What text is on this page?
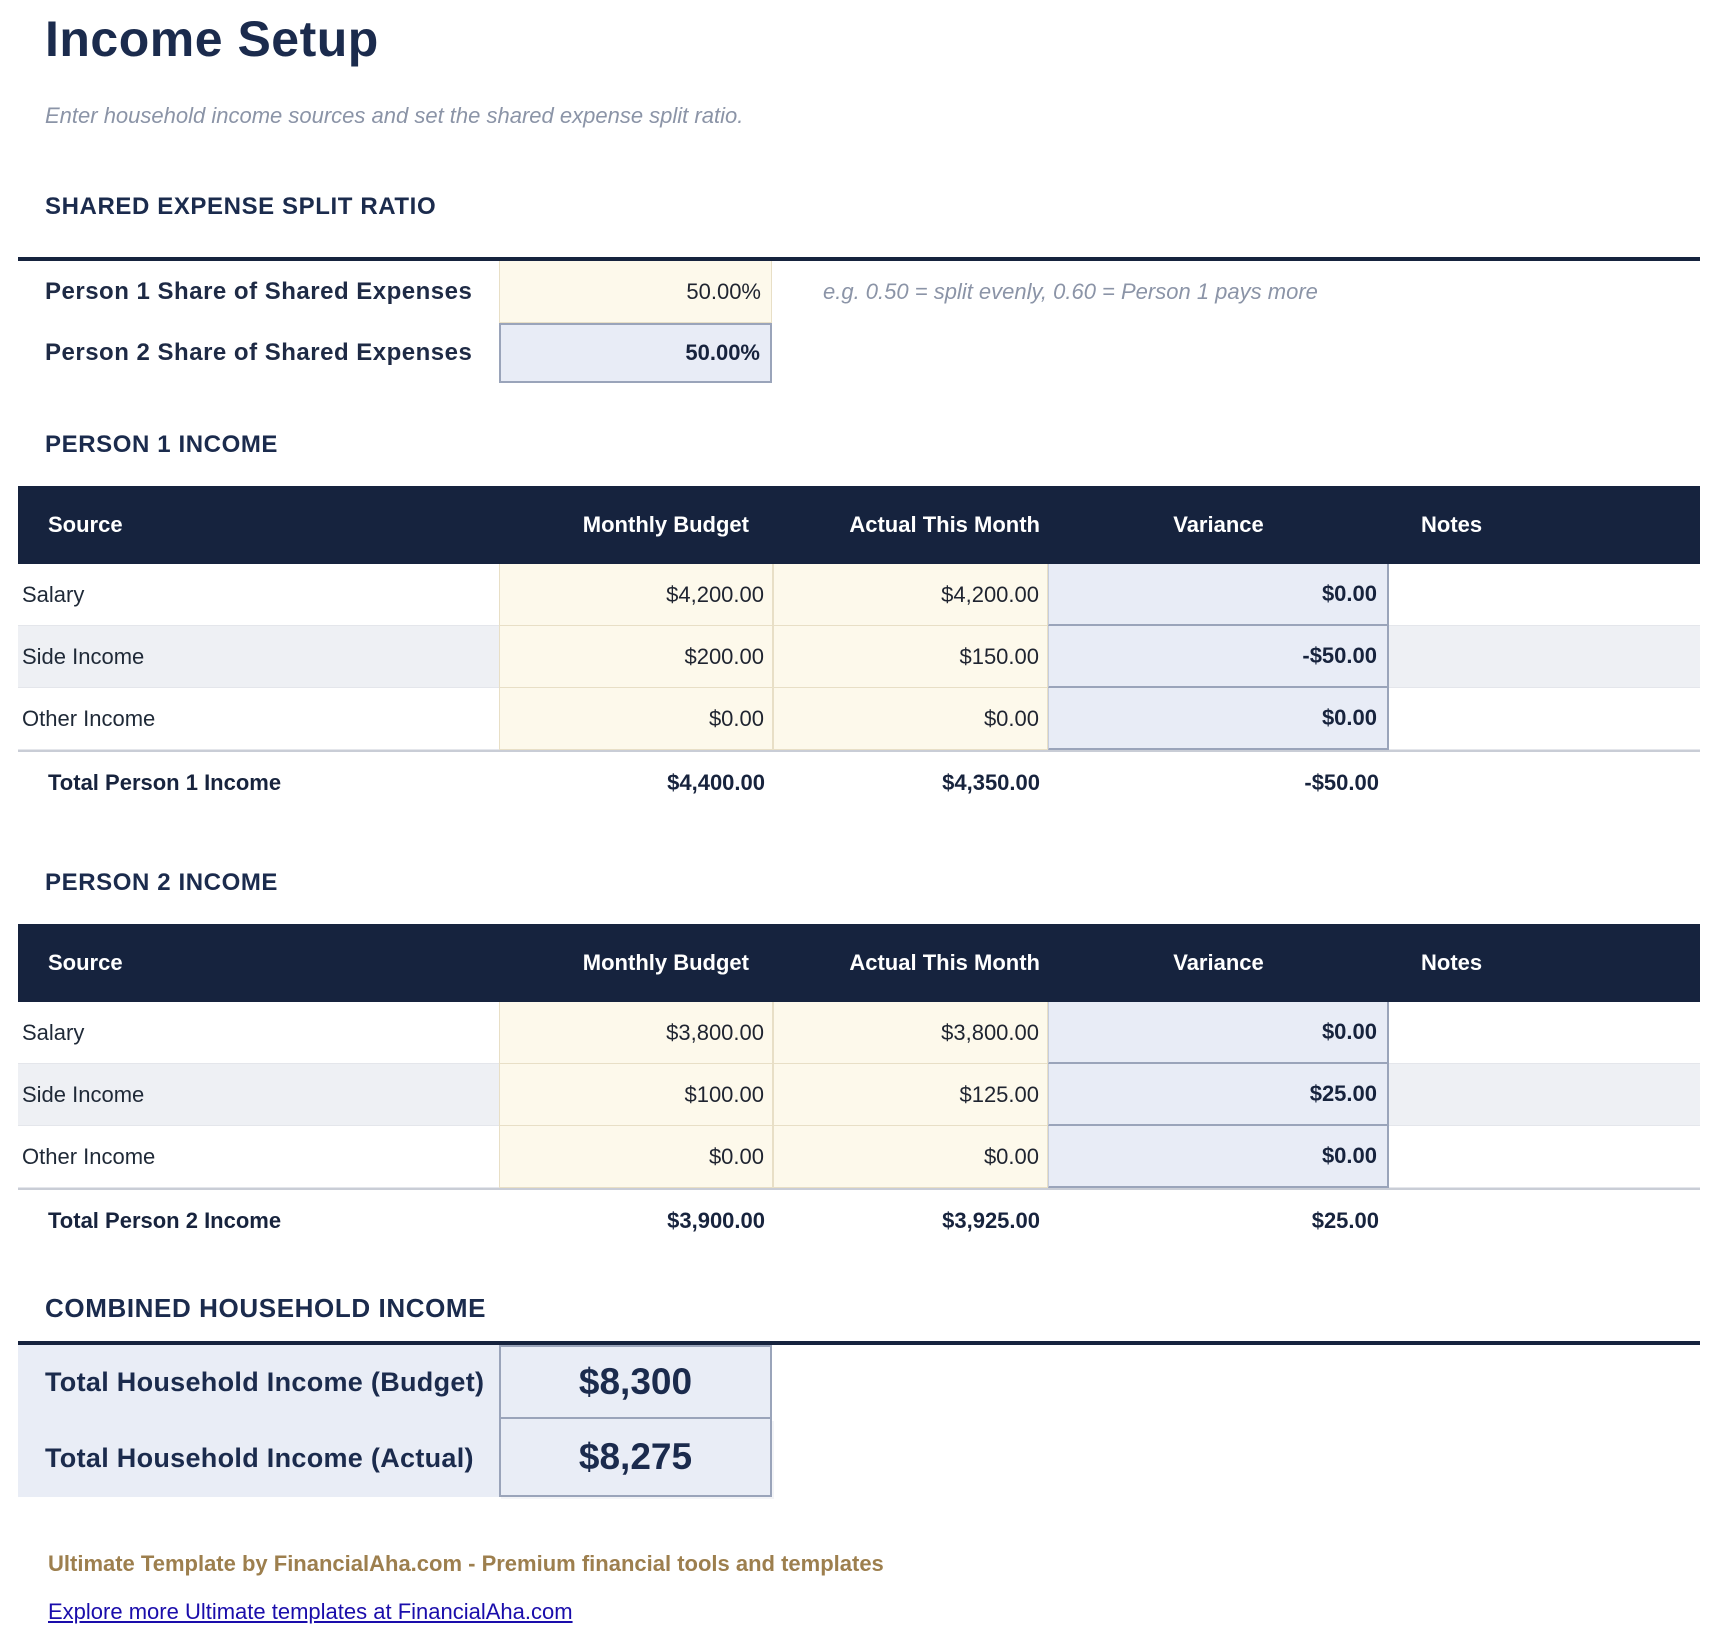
Income Setup
Enter household income sources and set the shared expense split ratio.
SHARED EXPENSE SPLIT RATIO
Person 1 Share of Shared Expenses	50.00%	e.g. 0.50 = split evenly, 0.60 = Person 1 pays more
Person 2 Share of Shared Expenses	50.00%
PERSON 1 INCOME
Source	Monthly Budget	Actual This Month	Variance	Notes
Salary	$4,200.00	$4,200.00	$0.00
Side Income	$200.00	$150.00	-$50.00
Other Income	$0.00	$0.00	$0.00
Total Person 1 Income	$4,400.00	$4,350.00	-$50.00
PERSON 2 INCOME
Source	Monthly Budget	Actual This Month	Variance	Notes
Salary	$3,800.00	$3,800.00	$0.00
Side Income	$100.00	$125.00	$25.00
Other Income	$0.00	$0.00	$0.00
Total Person 2 Income	$3,900.00	$3,925.00	$25.00
COMBINED HOUSEHOLD INCOME
Total Household Income (Budget)	$8,300
Total Household Income (Actual)	$8,275
Ultimate Template by FinancialAha.com - Premium financial tools and templates
Explore more Ultimate templates at FinancialAha.com
